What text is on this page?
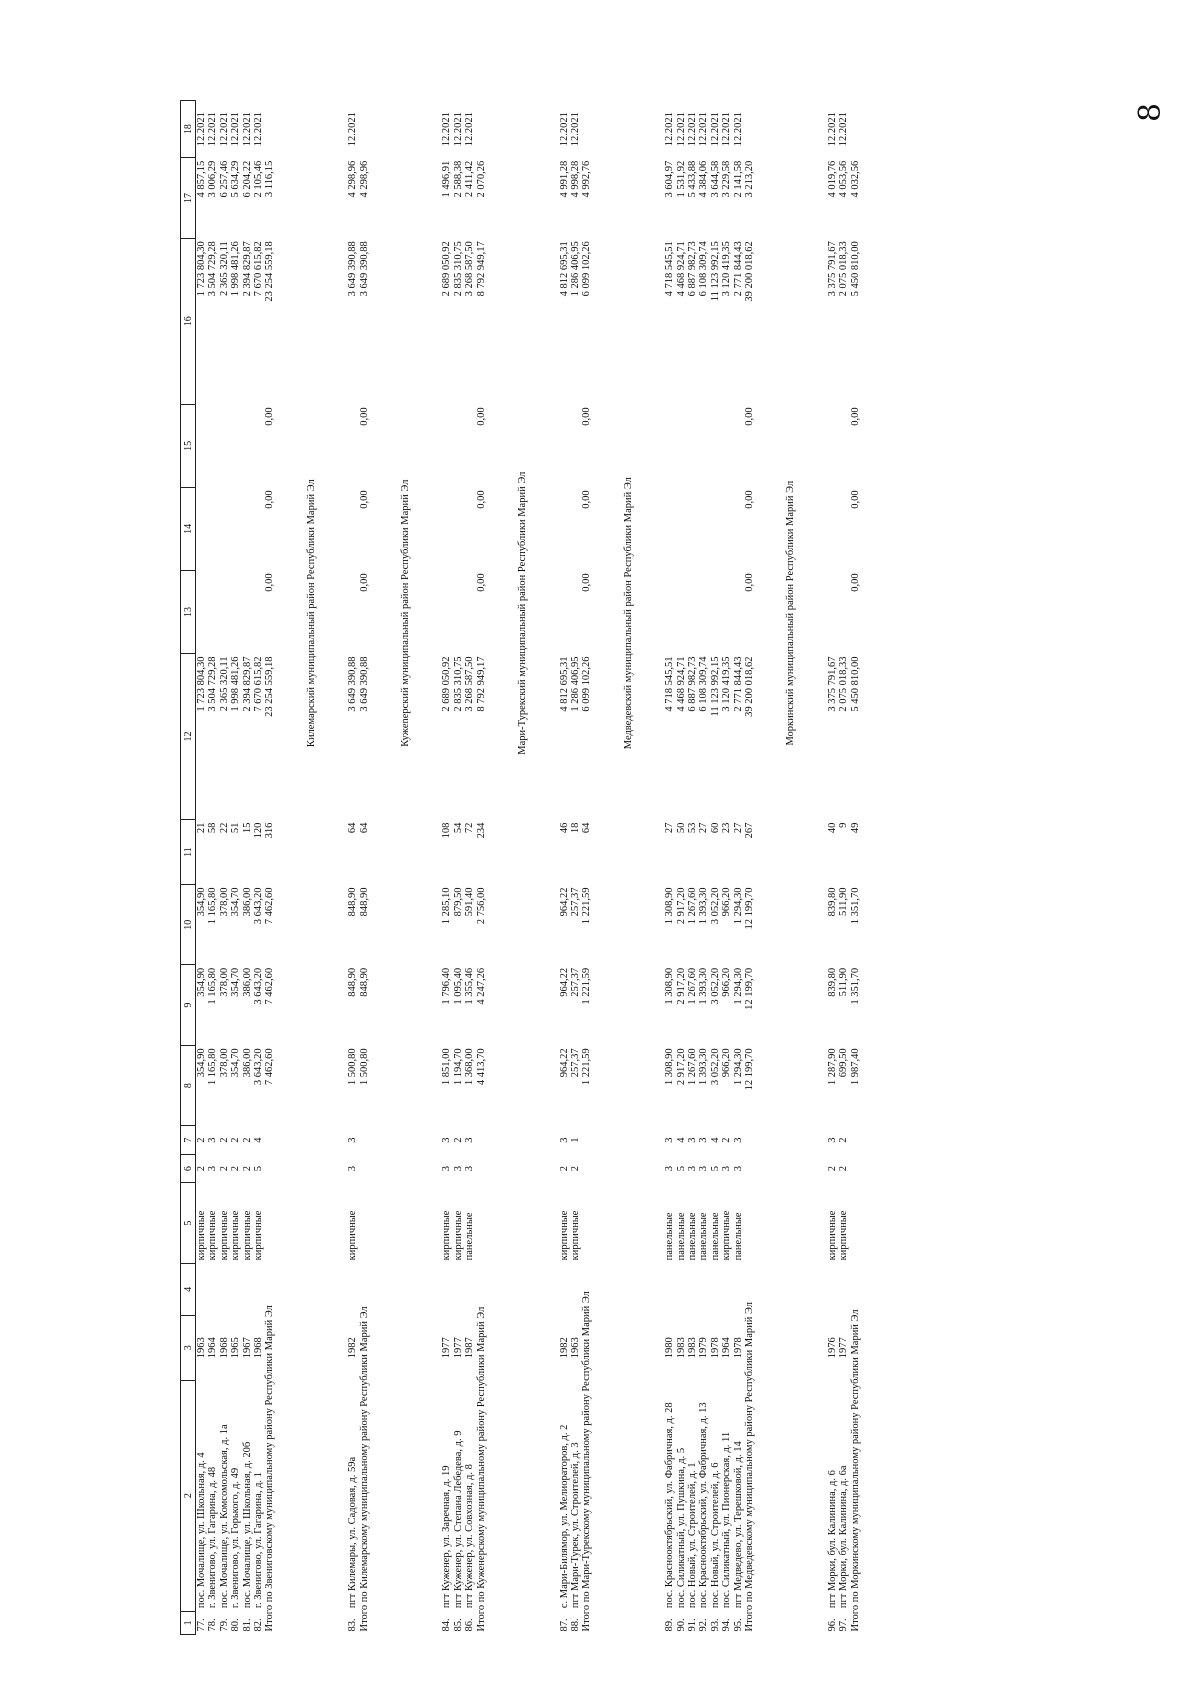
8
1	2	3	4	5	6	7	8	9	10	11	12	13	14	15	16	17	18
77.	пос. Мочалище, ул. Школьная, д. 4	1963		кирпичные	2	2	354,90	354,90	354,90	21	1 723 804,30				1 723 804,30	4 857,15	12.2021
78.	г. Звенигово, ул. Гагарина, д. 48	1964		кирпичные	3	3	1 165,80	1 165,80	1 165,80	58	3 504 729,28				3 504 729,28	3 006,29	12.2021
79.	пос. Мочалище, ул. Комсомольская, д. 1а	1968		кирпичные	2	2	378,00	378,00	378,00	22	2 365 320,11				2 365 320,11	6 257,46	12.2021
80.	г. Звенигово, ул. Горького, д. 49	1965		кирпичные	2	2	354,70	354,70	354,70	51	1 998 481,26				1 998 481,26	5 634,29	12.2021
81.	пос. Мочалище, ул. Школьная, д. 20б	1967		кирпичные	2	2	386,00	386,00	386,00	15	2 394 829,87				2 394 829,87	6 204,22	12.2021
82.	г. Звенигово, ул. Гагарина, д. 1	1968		кирпичные	5	4	3 643,20	3 643,20	3 643,20	120	7 670 615,82				7 670 615,82	2 105,46	12.2021
Итого по Звениговскому муниципальному району Республики Марий Эл							7 462,60	7 462,60	7 462,60	316	23 254 559,18	0,00	0,00	0,00	23 254 559,18	3 116,15	

							Килемарский муниципальный район Республики Марий Эл										

83.	пгт Килемары, ул. Садовая, д. 59а	1982		кирпичные	3	3	1 500,80	848,90	848,90	64	3 649 390,88				3 649 390,88	4 298,96	12.2021
Итого по Килемарскому муниципальному району Республики Марий Эл							1 500,80	848,90	848,90	64	3 649 390,88	0,00	0,00	0,00	3 649 390,88	4 298,96	

							Кужenерский муниципальный район Республики Марий Эл										

84.	пгт Куженер, ул. Заречная, д. 19	1977		кирпичные	3	3	1 851,00	1 796,40	1 285,10	108	2 689 050,92				2 689 050,92	1 496,91	12.2021
85.	пгт Куженер, ул. Степана Лебедева, д. 9	1977		кирпичные	3	2	1 194,70	1 095,40	879,50	54	2 835 310,75				2 835 310,75	2 588,38	12.2021
86.	пгт Куженер, ул. Совхозная, д. 8	1987		панельные	3	3	1 368,00	1 355,46	591,40	72	3 268 587,50				3 268 587,50	2 411,42	12.2021
Итого по Куженерскому муниципальному району Республики Марий Эл							4 413,70	4 247,26	2 756,00	234	8 792 949,17	0,00	0,00	0,00	8 792 949,17	2 070,26	

							Мари-Турекский муниципальный район Республики Марий Эл										

87.	с. Мари-Билямор, ул. Мелиораторов, д. 2	1982		кирпичные	2	3	964,22	964,22	964,22	46	4 812 695,31				4 812 695,31	4 991,28	12.2021
88.	пгт Мари-Турек, ул. Строителей, д. 3	1963		кирпичные	2	1	257,37	257,37	257,37	18	1 286 406,95				1 286 406,95	4 998,28	12.2021
Итого по Мари-Турекскому муниципальному району Республики Марий Эл							1 221,59	1 221,59	1 221,59	64	6 099 102,26	0,00	0,00	0,00	6 099 102,26	4 992,76	

							Медведевский муниципальный район Республики Марий Эл										

89.	пос. Краснооктябрьский, ул. Фабричная, д. 28	1980		панельные	3	3	1 308,90	1 308,90	1 308,90	27	4 718 545,51				4 718 545,51	3 604,97	12.2021
90.	пос. Силикатный, ул. Пушкина, д. 5	1983		панельные	5	4	2 917,20	2 917,20	2 917,20	50	4 468 924,71				4 468 924,71	1 531,92	12.2021
91.	пос. Новый, ул. Строителей, д. 1	1983		панельные	3	3	1 267,60	1 267,60	1 267,60	53	6 887 982,73				6 887 982,73	5 433,88	12.2021
92.	пос. Краснооктябрьский, ул. Фабричная, д. 13	1979		панельные	3	3	1 393,30	1 393,30	1 393,30	27	6 108 309,74				6 108 309,74	4 384,06	12.2021
93.	пос. Новый, ул. Строителей, д. 6	1978		панельные	5	4	3 052,20	3 052,20	3 052,20	60	11 123 992,15				11 123 992,15	3 644,58	12.2021
94.	пос. Силикатный, ул. Пионерская, д. 11	1964		кирпичные	3	2	966,20	966,20	966,20	23	3 120 419,35				3 120 419,35	3 229,58	12.2021
95.	пгт Медведево, ул. Терешковой, д. 14	1978		панельные	3	3	1 294,30	1 294,30	1 294,30	27	2 771 844,43				2 771 844,43	2 141,58	12.2021
Итого по Медведевскому муниципальному району Республики Марий Эл							12 199,70	12 199,70	12 199,70	267	39 200 018,62	0,00	0,00	0,00	39 200 018,62	3 213,20	

							Моркинский муниципальный район Республики Марий Эл										

96.	пгт Морки, бул. Калинина, д. 6	1976		кирпичные	2	3	1 287,90	839,80	839,80	40	3 375 791,67				3 375 791,67	4 019,76	12.2021
97.	пгт Морки, бул. Калинина, д. 6а	1977		кирпичные	2	2	699,50	511,90	511,90	9	2 075 018,33				2 075 018,33	4 053,56	12.2021
Итого по Моркинскому муниципальному району Республики Марий Эл							1 987,40	1 351,70	1 351,70	49	5 450 810,00	0,00	0,00	0,00	5 450 810,00	4 032,56	
